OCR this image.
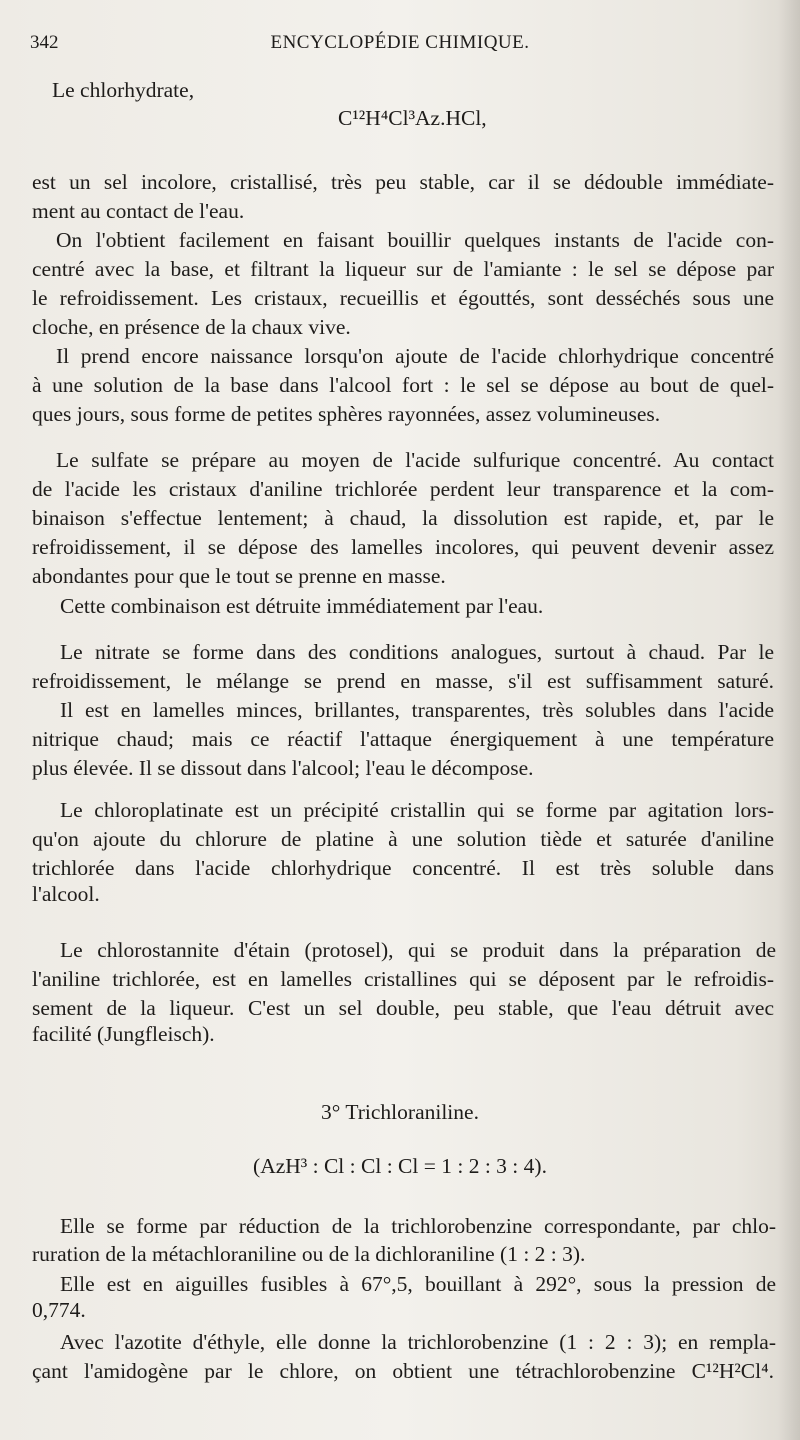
342	ENCYCLOPÉDIE CHIMIQUE.
Le chlorhydrate,
C¹²H⁴Cl³Az.HCl,
est un sel incolore, cristallisé, très peu stable, car il se dédouble immédiate-
ment au contact de l'eau.
On l'obtient facilement en faisant bouillir quelques instants de l'acide con-
centré avec la base, et filtrant la liqueur sur de l'amiante : le sel se dépose par
le refroidissement. Les cristaux, recueillis et égouttés, sont desséchés sous une
cloche, en présence de la chaux vive.
Il prend encore naissance lorsqu'on ajoute de l'acide chlorhydrique concentré
à une solution de la base dans l'alcool fort : le sel se dépose au bout de quel-
ques jours, sous forme de petites sphères rayonnées, assez volumineuses.
Le sulfate se prépare au moyen de l'acide sulfurique concentré. Au contact
de l'acide les cristaux d'aniline trichlorée perdent leur transparence et la com-
binaison s'effectue lentement; à chaud, la dissolution est rapide, et, par le
refroidissement, il se dépose des lamelles incolores, qui peuvent devenir assez
abondantes pour que le tout se prenne en masse.
Cette combinaison est détruite immédiatement par l'eau.
Le nitrate se forme dans des conditions analogues, surtout à chaud. Par le
refroidissement, le mélange se prend en masse, s'il est suffisamment saturé.
Il est en lamelles minces, brillantes, transparentes, très solubles dans l'acide
nitrique chaud; mais ce réactif l'attaque énergiquement à une température
plus élevée. Il se dissout dans l'alcool; l'eau le décompose.
Le chloroplatinate est un précipité cristallin qui se forme par agitation lors-
qu'on ajoute du chlorure de platine à une solution tiède et saturée d'aniline
trichlorée dans l'acide chlorhydrique concentré. Il est très soluble dans
l'alcool.
Le chlorostannite d'étain (protosel), qui se produit dans la préparation de
l'aniline trichlorée, est en lamelles cristallines qui se déposent par le refroidis-
sement de la liqueur. C'est un sel double, peu stable, que l'eau détruit avec
facilité (Jungfleisch).
3° Trichloraniline.
(AzH³ : Cl : Cl : Cl = 1 : 2 : 3 : 4).
Elle se forme par réduction de la trichlorobenzine correspondante, par chlo-
ruration de la métachloraniline ou de la dichloraniline (1 : 2 : 3).
Elle est en aiguilles fusibles à 67°,5, bouillant à 292°, sous la pression de
0,774.
Avec l'azotite d'éthyle, elle donne la trichlorobenzine (1 : 2 : 3); en rempla-
çant l'amidogène par le chlore, on obtient une tétrachlorobenzine C¹²H²Cl⁴.
